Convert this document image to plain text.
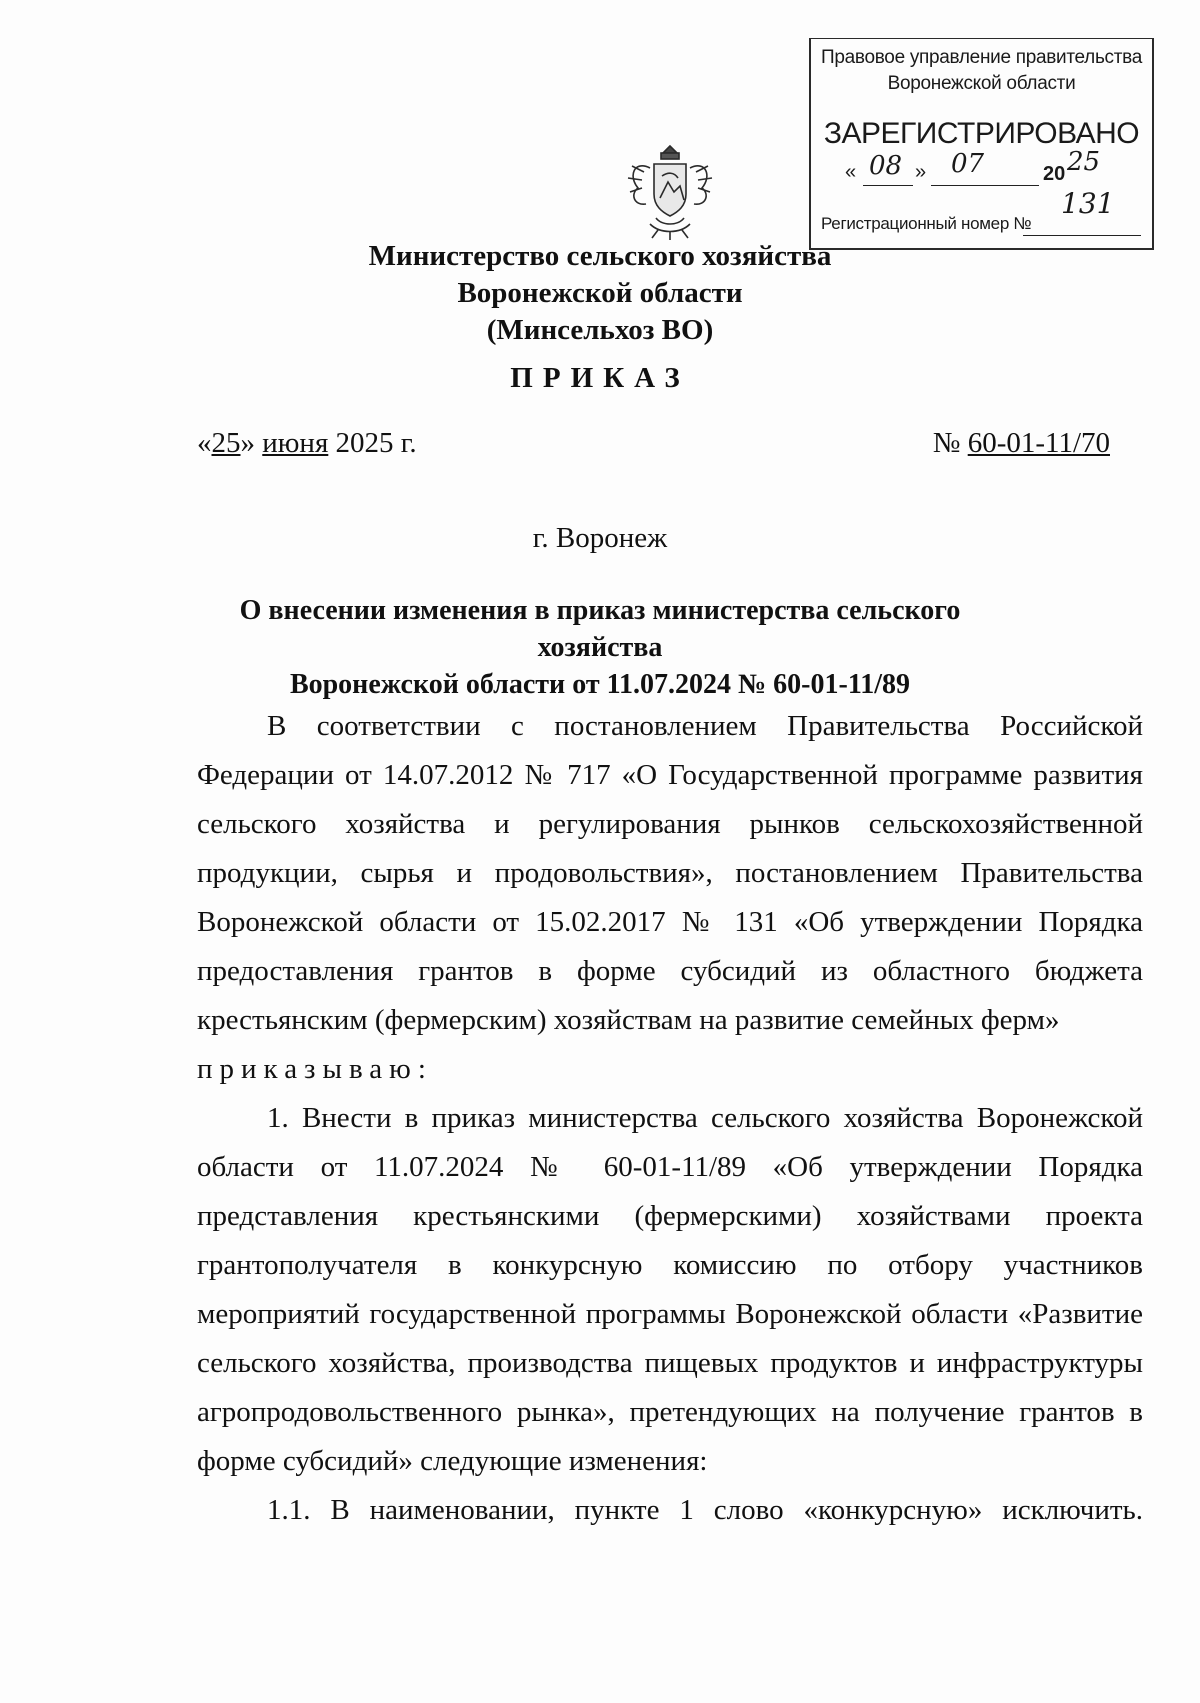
Правовое управление правительства
Воронежской области
ЗАРЕГИСТРИРОВАНО
« 08 » 07	20 25
Регистрационный номер №
131
Министерство сельского хозяйства
Воронежской области
(Минсельхоз ВО)
ПРИКАЗ
«25» июня 2025 г.	№ 60-01-11/70
г. Воронеж
О внесении изменения в приказ министерства сельского хозяйства
Воронежской области от 11.07.2024 № 60-01-11/89

В соответствии с постановлением Правительства Российской Федерации от 14.07.2012 № 717 «О Государственной программе развития сельского хозяйства и регулирования рынков сельскохозяйственной продукции, сырья и продовольствия», постановлением Правительства Воронежской области от 15.02.2017 № 131 «Об утверждении Порядка предоставления грантов в форме субсидий из областного бюджета крестьянским (фермерским) хозяйствам на развитие семейных ферм»

приказываю:

1. Внести в приказ министерства сельского хозяйства Воронежской области от 11.07.2024 № 60-01-11/89 «Об утверждении Порядка представления крестьянскими (фермерскими) хозяйствами проекта грантополучателя в конкурсную комиссию по отбору участников мероприятий государственной программы Воронежской области «Развитие сельского хозяйства, производства пищевых продуктов и инфраструктуры агропродовольственного рынка», претендующих на получение грантов в форме субсидий» следующие изменения:

1.1. В наименовании, пункте 1 слово «конкурсную» исключить.
